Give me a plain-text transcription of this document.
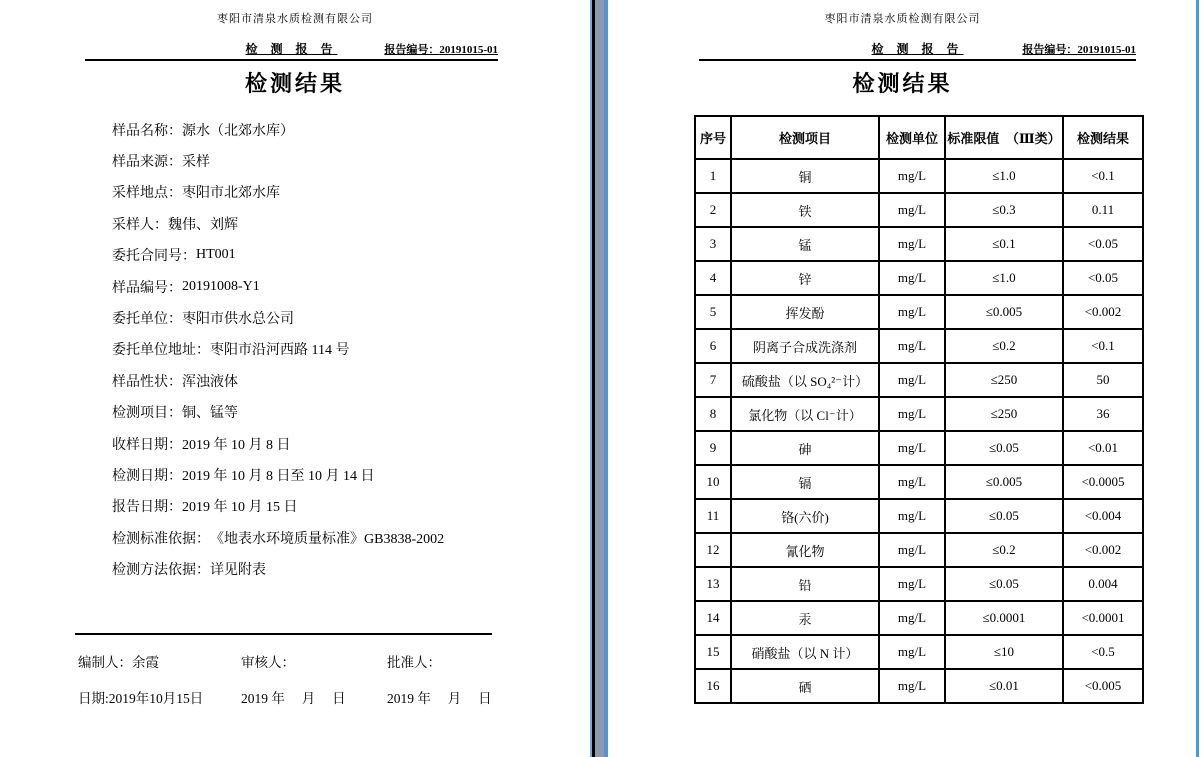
枣阳市清泉水质检测有限公司
检 测 报 告	报告编号：20191015-01
检测结果
样品名称： 源水（北郊水库）
样品来源： 采样
采样地点： 枣阳市北郊水库
采样人： 魏伟、刘辉
委托合同号： HT001
样品编号： 20191008-Y1
委托单位： 枣阳市供水总公司
委托单位地址： 枣阳市沿河西路 114 号
样品性状： 浑浊液体
检测项目： 铜、锰等
收样日期： 2019 年 10 月 8 日
检测日期： 2019 年 10 月 8 日至 10 月 14 日
报告日期： 2019 年 10 月 15 日
检测标准依据： 《地表水环境质量标准》GB3838-2002
检测方法依据： 详见附表
编制人：余霞	审核人：	批准人：
日期:2019年10月15日	2019 年　 月　 日	2019 年　 月　 日
枣阳市清泉水质检测有限公司
检 测 报 告	报告编号：20191015-01
检测结果
序号	检测项目	检测单位	标准限值　（Ⅲ类）	检测结果
1	铜	mg/L	≤1.0	<0.1
2	铁	mg/L	≤0.3	0.11
3	锰	mg/L	≤0.1	<0.05
4	锌	mg/L	≤1.0	<0.05
5	挥发酚	mg/L	≤0.005	<0.002
6	阴离子合成洗涤剂	mg/L	≤0.2	<0.1
7	硫酸盐（以 SO₄²⁻计）	mg/L	≤250	50
8	氯化物（以 Cl⁻计）	mg/L	≤250	36
9	砷	mg/L	≤0.05	<0.01
10	镉	mg/L	≤0.005	<0.0005
11	铬(六价)	mg/L	≤0.05	<0.004
12	氰化物	mg/L	≤0.2	<0.002
13	铅	mg/L	≤0.05	0.004
14	汞	mg/L	≤0.0001	<0.0001
15	硝酸盐（以 N 计）	mg/L	≤10	<0.5
16	硒	mg/L	≤0.01	<0.005
